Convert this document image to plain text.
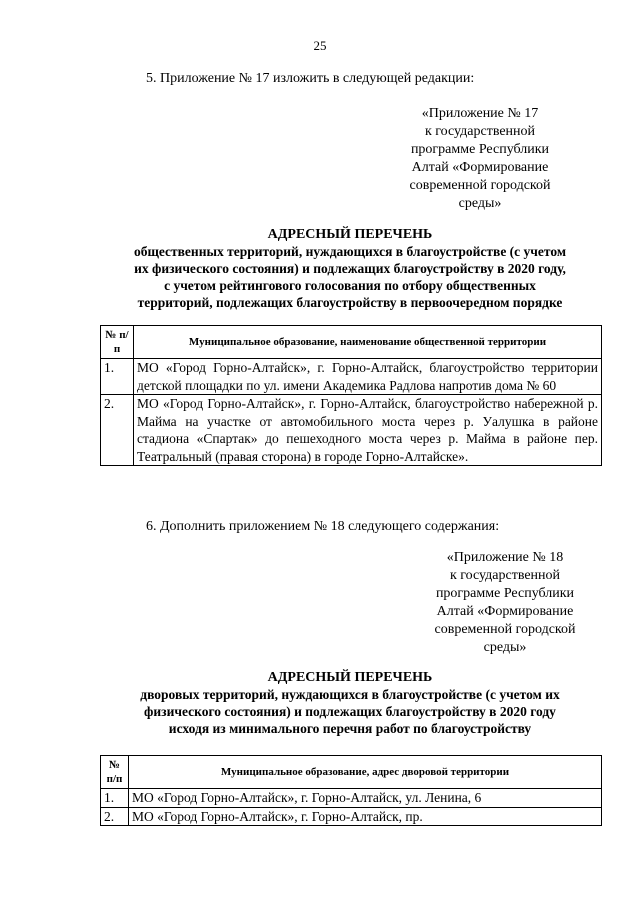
25
5. Приложение № 17 изложить в следующей редакции:
«Приложение № 17
к государственной
программе Республики
Алтай «Формирование
современной городской
среды»
АДРЕСНЫЙ ПЕРЕЧЕНЬ
общественных территорий, нуждающихся в благоустройстве (с учетом
их физического состояния) и подлежащих благоустройству в 2020 году,
с учетом рейтингового голосования по отбору общественных
территорий, подлежащих благоустройству в первоочередном порядке
№ п/п	Муниципальное образование, наименование общественной территории
1.	МО «Город Горно-Алтайск», г. Горно-Алтайск, благоустройство территории детской площадки по ул. имени Академика Радлова напротив дома № 60
2.	МО «Город Горно-Алтайск», г. Горно-Алтайск, благоустройство набережной р. Майма на участке от автомобильного моста через р. Уалушка в районе стадиона «Спартак» до пешеходного моста через р. Майма в районе пер. Театральный (правая сторона) в городе Горно-Алтайске».
6. Дополнить приложением № 18 следующего содержания:
«Приложение № 18
к государственной
программе Республики
Алтай «Формирование
современной городской
среды»
АДРЕСНЫЙ ПЕРЕЧЕНЬ
дворовых территорий, нуждающихся в благоустройстве (с учетом их
физического состояния) и подлежащих благоустройству в 2020 году
исходя из минимального перечня работ по благоустройству
№ п/п	Муниципальное образование, адрес дворовой территории
1.	МО «Город Горно-Алтайск», г. Горно-Алтайск, ул. Ленина, 6
2.	МО «Город Горно-Алтайск», г. Горно-Алтайск, пр.
